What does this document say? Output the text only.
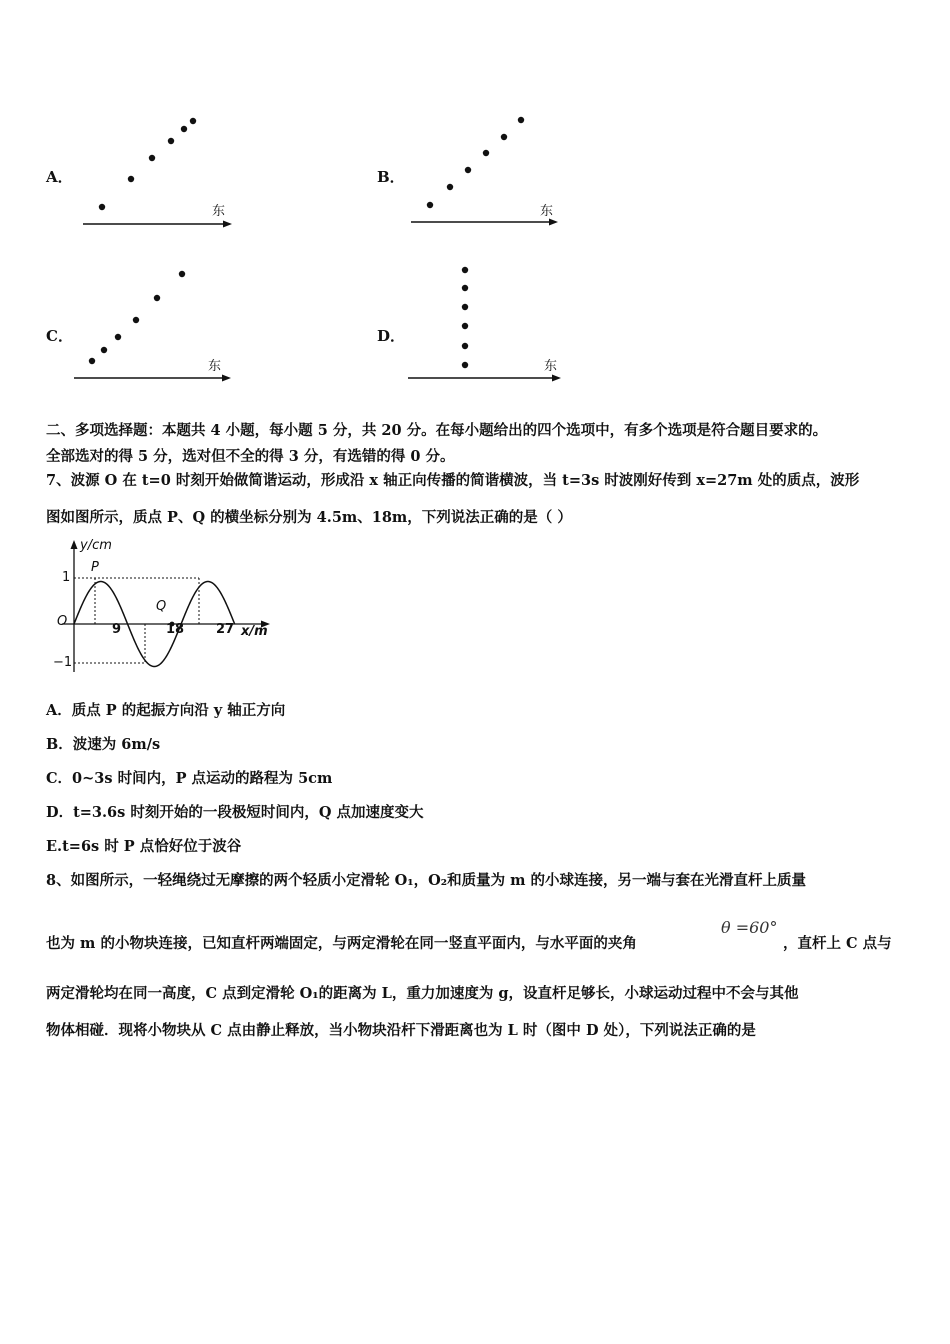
A．
东
B．
东
C．
东
D．
东
二、多项选择题：本题共 4 小题，每小题 5 分，共 20 分。在每小题给出的四个选项中，有多个选项是符合题目要求的。
全部选对的得 5 分，选对但不全的得 3 分，有选错的得 0 分。
7、波源 O 在 t=0 时刻开始做简谐运动，形成沿 x 轴正向传播的简谐横波，当 t=3s 时波刚好传到 x=27m 处的质点，波形
图如图所示，质点 P、Q 的横坐标分别为 4.5m、18m，下列说法正确的是（ ）
y/cm
x/m
O
1
−1
9	18 27
P
Q
A．质点 P 的起振方向沿 y 轴正方向
B．波速为 6m/s
C．0~3s 时间内，P 点运动的路程为 5cm
D．t=3.6s 时刻开始的一段极短时间内，Q 点加速度变大
E.t=6s 时 P 点恰好位于波谷
8、如图所示，一轻绳绕过无摩擦的两个轻质小定滑轮 O₁，O₂和质量为 m 的小球连接，另一端与套在光滑直杆上质量
也为 m 的小物块连接，已知直杆两端固定，与两定滑轮在同一竖直平面内，与水平面的夹角
θ =60°
，直杆上 C 点与
两定滑轮均在同一高度，C 点到定滑轮 O₁的距离为 L，重力加速度为 g，设直杆足够长，小球运动过程中不会与其他
物体相碰．现将小物块从 C 点由静止释放，当小物块沿杆下滑距离也为 L 时（图中 D 处），下列说法正确的是
